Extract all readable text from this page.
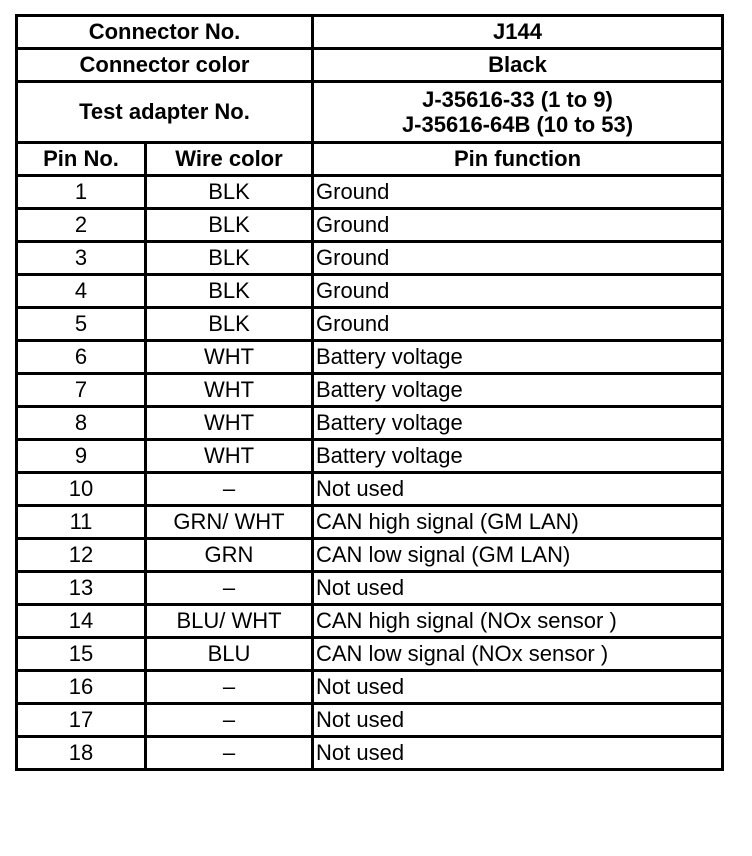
Connector No.		J144
Connector color		Black
Test adapter No.		J-35616-33 (1 to 9)
J-35616-64B (10 to 53)

Pin No.	Wire color	Pin function
1	BLK	Ground
2	BLK	Ground
3	BLK	Ground
4	BLK	Ground
5	BLK	Ground
6	WHT	Battery voltage
7	WHT	Battery voltage
8	WHT	Battery voltage
9	WHT	Battery voltage
10	–	Not used
11	GRN/ WHT	CAN high signal (GM LAN)
12	GRN	CAN low signal (GM LAN)
13	–	Not used
14	BLU/ WHT	CAN high signal (NOx sensor )
15	BLU	CAN low signal (NOx sensor )
16	–	Not used
17	–	Not used
18	–	Not used
